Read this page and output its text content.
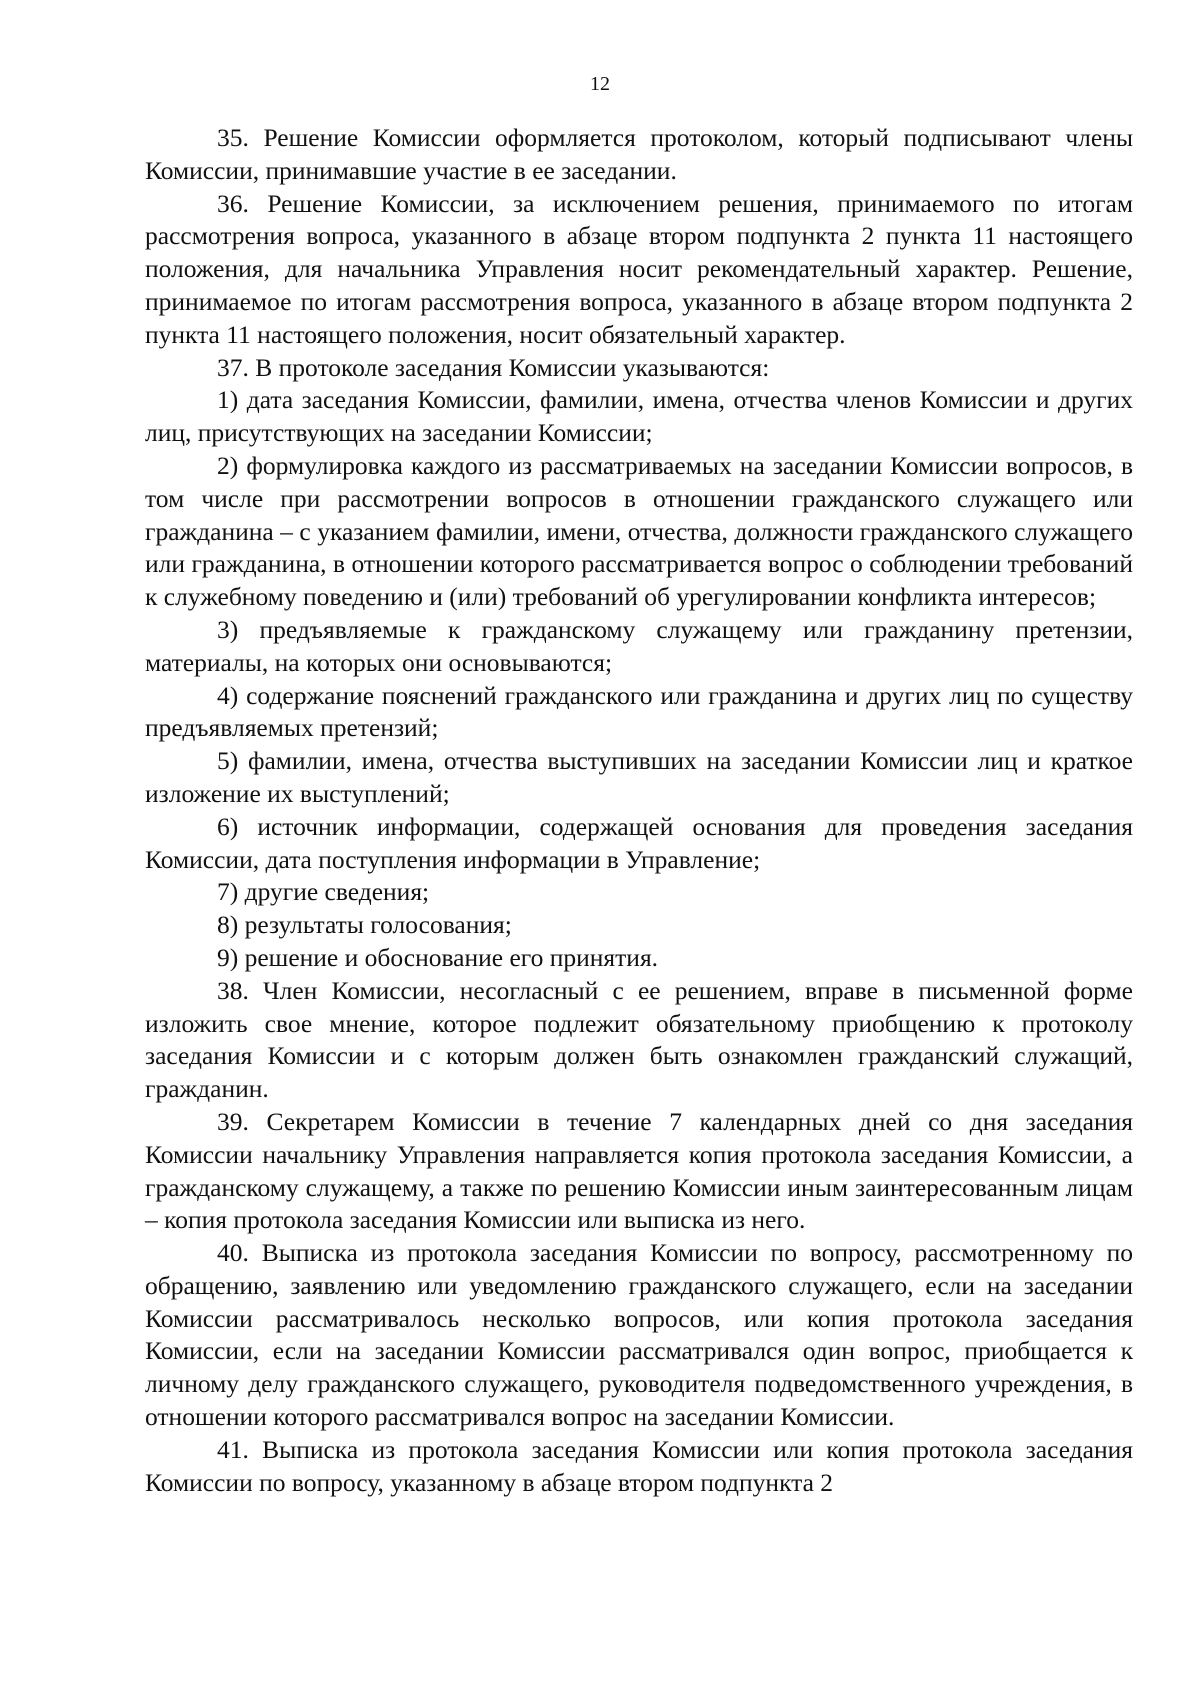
12

35. Решение Комиссии оформляется протоколом, который подписывают члены Комиссии, принимавшие участие в ее заседании.

36. Решение Комиссии, за исключением решения, принимаемого по итогам рассмотрения вопроса, указанного в абзаце втором подпункта 2 пункта 11 настоящего положения, для начальника Управления носит рекомендательный характер. Решение, принимаемое по итогам рассмотрения вопроса, указанного в абзаце втором подпункта 2 пункта 11 настоящего положения, носит обязательный характер.

37. В протоколе заседания Комиссии указываются:

1) дата заседания Комиссии, фамилии, имена, отчества членов Комиссии и других лиц, присутствующих на заседании Комиссии;

2) формулировка каждого из рассматриваемых на заседании Комиссии вопросов, в том числе при рассмотрении вопросов в отношении гражданского служащего или гражданина – с указанием фамилии, имени, отчества, должности гражданского служащего или гражданина, в отношении которого рассматривается вопрос о соблюдении требований к служебному поведению и (или) требований об урегулировании конфликта интересов;

3) предъявляемые к гражданскому служащему или гражданину претензии, материалы, на которых они основываются;

4) содержание пояснений гражданского или гражданина и других лиц по существу предъявляемых претензий;

5) фамилии, имена, отчества выступивших на заседании Комиссии лиц и краткое изложение их выступлений;

6) источник информации, содержащей основания для проведения заседания Комиссии, дата поступления информации в Управление;

7) другие сведения;

8) результаты голосования;

9) решение и обоснование его принятия.

38. Член Комиссии, несогласный с ее решением, вправе в письменной форме изложить свое мнение, которое подлежит обязательному приобщению к протоколу заседания Комиссии и с которым должен быть ознакомлен гражданский служащий, гражданин.

39. Секретарем Комиссии в течение 7 календарных дней со дня заседания Комиссии начальнику Управления направляется копия протокола заседания Комиссии, а гражданскому служащему, а также по решению Комиссии иным заинтересованным лицам – копия протокола заседания Комиссии или выписка из него.

40. Выписка из протокола заседания Комиссии по вопросу, рассмотренному по обращению, заявлению или уведомлению гражданского служащего, если на заседании Комиссии рассматривалось несколько вопросов, или копия протокола заседания Комиссии, если на заседании Комиссии рассматривался один вопрос, приобщается к личному делу гражданского служащего, руководителя подведомственного учреждения, в отношении которого рассматривался вопрос на заседании Комиссии.

41. Выписка из протокола заседания Комиссии или копия протокола заседания Комиссии по вопросу, указанному в абзаце втором подпункта 2
